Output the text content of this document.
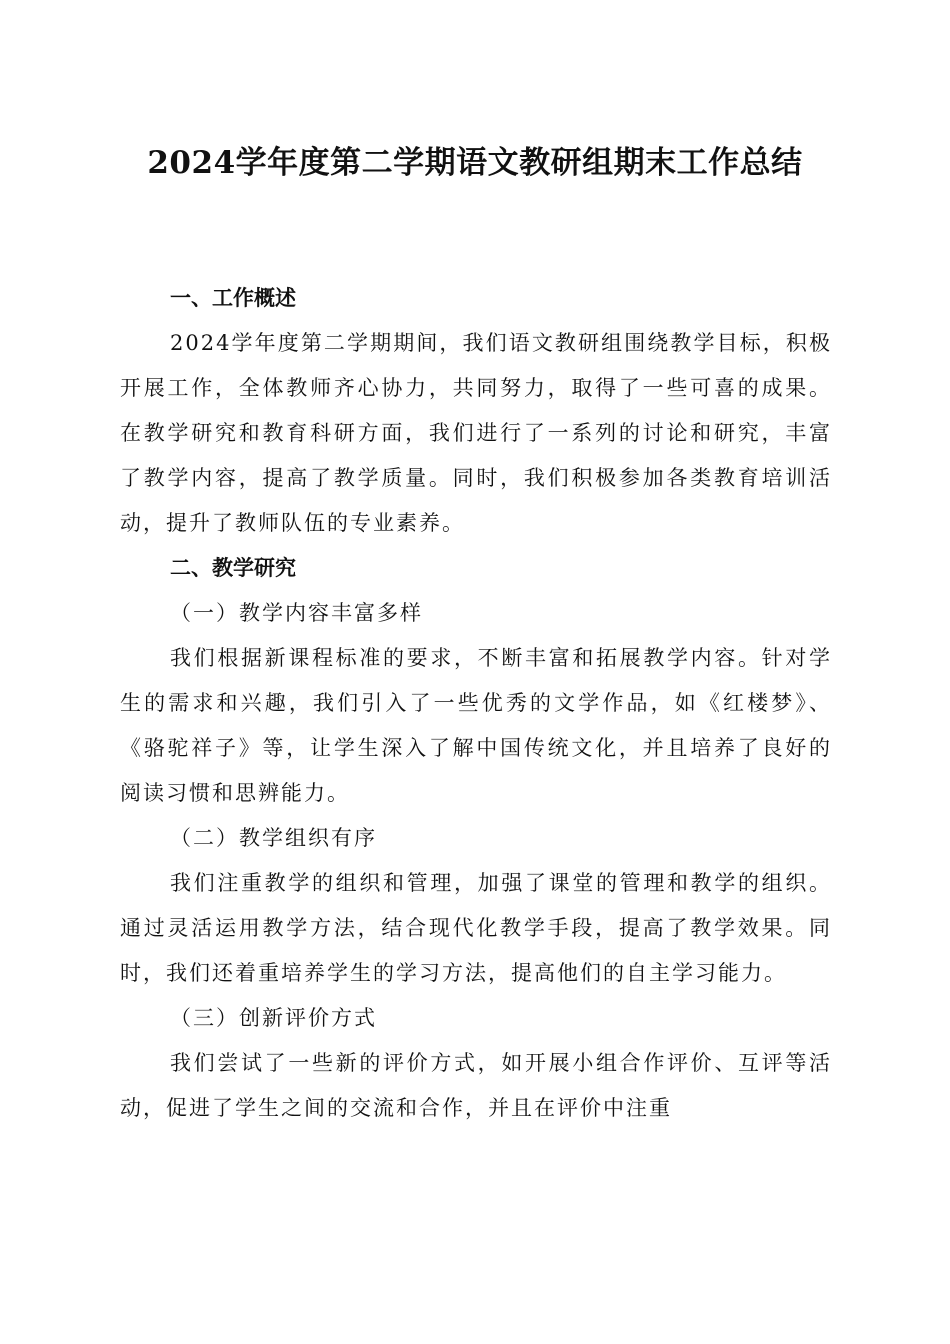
2024学年度第二学期语文教研组期末工作总结

一、工作概述

2024学年度第二学期期间，我们语文教研组围绕教学目标，积极开展工作，全体教师齐心协力，共同努力，取得了一些可喜的成果。在教学研究和教育科研方面，我们进行了一系列的讨论和研究，丰富了教学内容，提高了教学质量。同时，我们积极参加各类教育培训活动，提升了教师队伍的专业素养。

二、教学研究

（一）教学内容丰富多样

我们根据新课程标准的要求，不断丰富和拓展教学内容。针对学生的需求和兴趣，我们引入了一些优秀的文学作品，如《红楼梦》、《骆驼祥子》等，让学生深入了解中国传统文化，并且培养了良好的阅读习惯和思辨能力。

（二）教学组织有序

我们注重教学的组织和管理，加强了课堂的管理和教学的组织。通过灵活运用教学方法，结合现代化教学手段，提高了教学效果。同时，我们还着重培养学生的学习方法，提高他们的自主学习能力。

（三）创新评价方式

我们尝试了一些新的评价方式，如开展小组合作评价、互评等活动，促进了学生之间的交流和合作，并且在评价中注重
